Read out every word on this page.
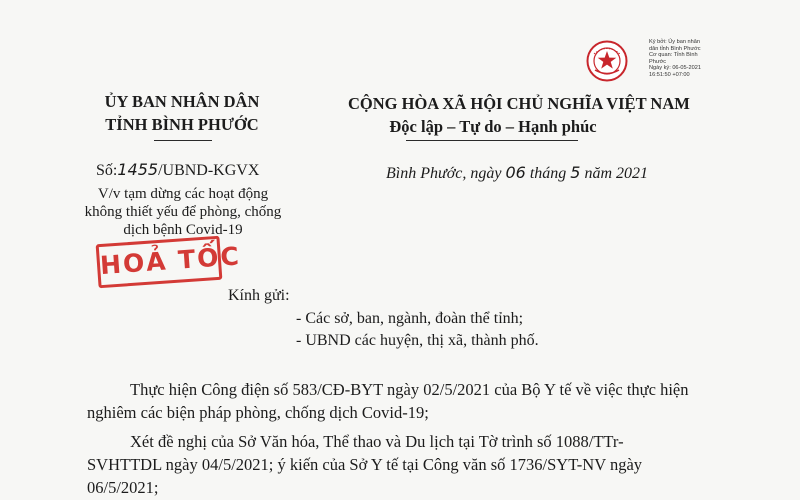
Ký bởi: Ủy ban nhân
dân tỉnh Bình Phước
Cơ quan: Tỉnh Bình
Phước
Ngày ký: 06-05-2021
16:51:50 +07:00
ỦY BAN NHÂN DÂN
TỈNH BÌNH PHƯỚC
CỘNG HÒA XÃ HỘI CHỦ NGHĨA VIỆT NAM
Độc lập – Tự do – Hạnh phúc
Số:1455/UBND-KGVX
V/v tạm dừng các hoạt động
không thiết yếu để phòng, chống
dịch bệnh Covid-19
HOẢ TỐC
Bình Phước, ngày 06 tháng 5 năm 2021
Kính gửi:
- Các sở, ban, ngành, đoàn thể tỉnh;
- UBND các huyện, thị xã, thành phố.
Thực hiện Công điện số 583/CĐ-BYT ngày 02/5/2021 của Bộ Y tế về việc thực hiện
nghiêm các biện pháp phòng, chống dịch Covid-19;
Xét đề nghị của Sở Văn hóa, Thể thao và Du lịch tại Tờ trình số 1088/TTr-
SVHTTDL ngày 04/5/2021; ý kiến của Sở Y tế tại Công văn số 1736/SYT-NV ngày
06/5/2021;
